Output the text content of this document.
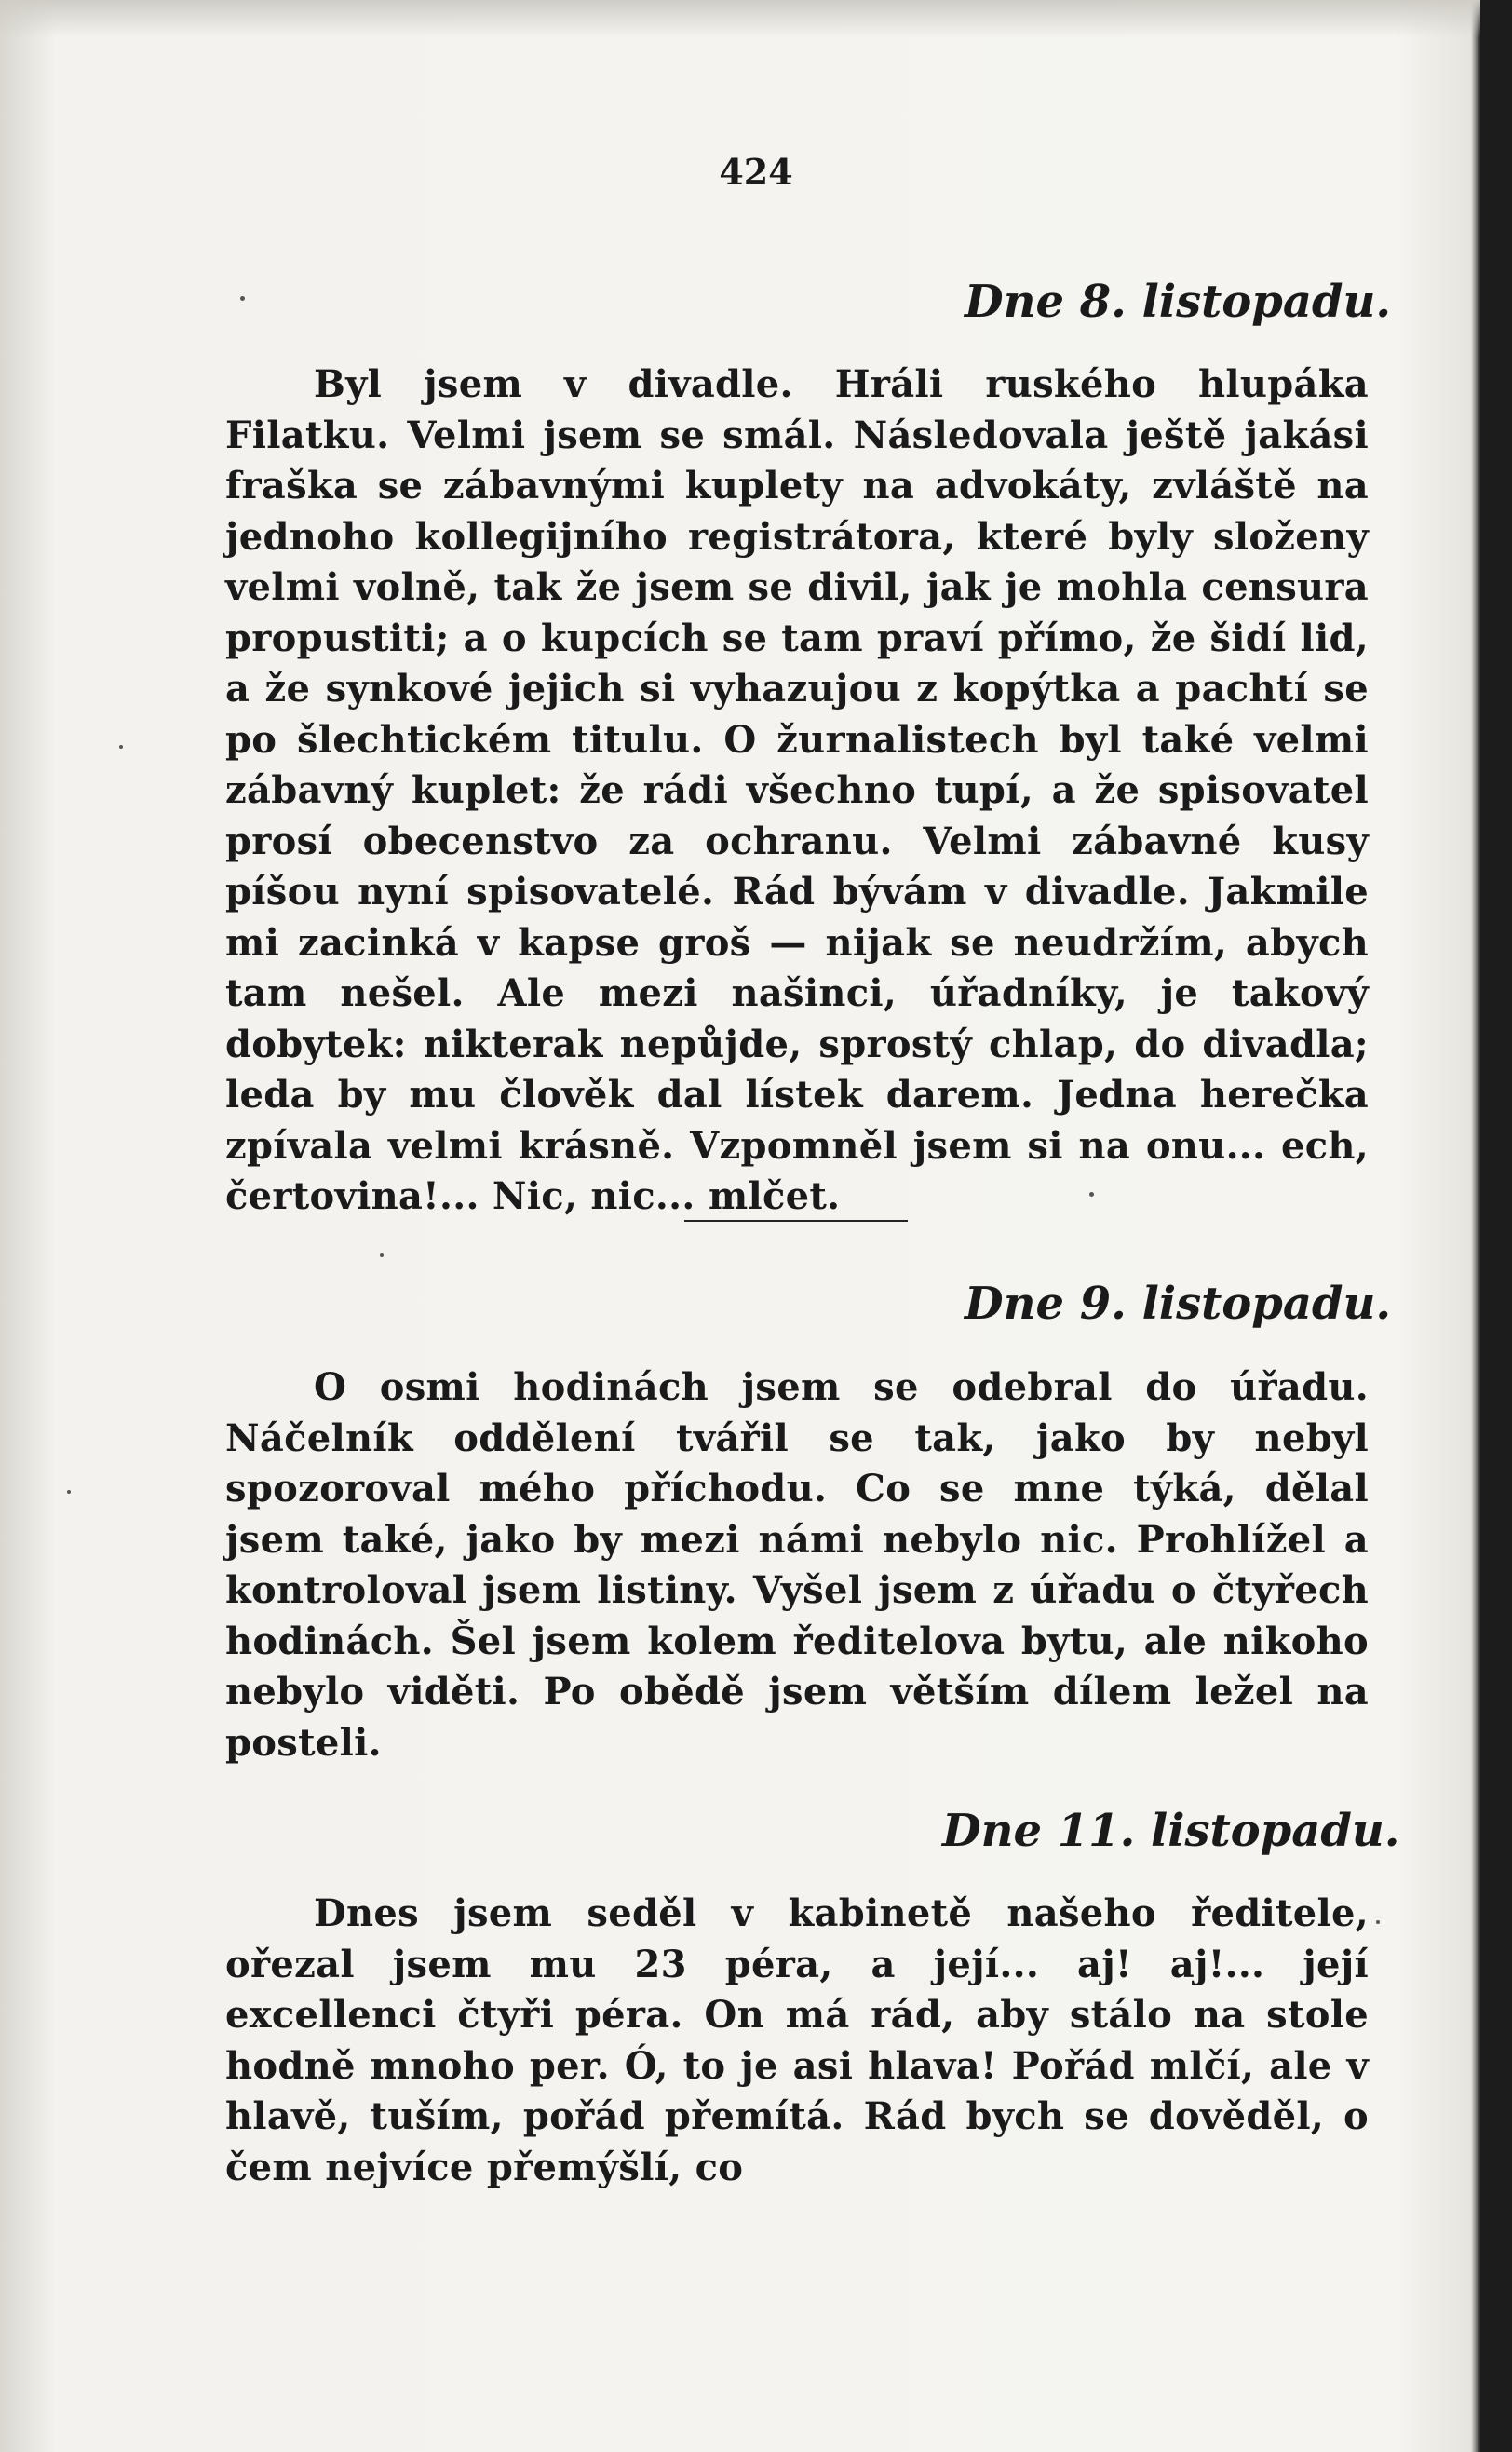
424
Dne 8. listopadu.

Byl jsem v divadle. Hráli ruského hlupáka Filatku. Velmi jsem se smál. Následovala ještě jakási fraška se zábavnými kuplety na advokáty, zvláště na jednoho kollegijního registrátora, které byly složeny velmi volně, tak že jsem se divil, jak je mohla censura propustiti; a o kupcích se tam praví přímo, že šidí lid, a že synkové jejich si vyhazujou z kopýtka a pachtí se po šlechtickém titulu. O žurnalistech byl také velmi zábavný kuplet: že rádi všechno tupí, a že spisovatel prosí obecenstvo za ochranu. Velmi zábavné kusy píšou nyní spisovatelé. Rád bývám v divadle. Jakmile mi zacinká v kapse groš — nijak se neudržím, abych tam nešel. Ale mezi našinci, úřadníky, je takový dobytek: nikterak nepůjde, sprostý chlap, do divadla; leda by mu člověk dal lístek darem. Jedna herečka zpívala velmi krásně. Vzpomněl jsem si na onu... ech, čertovina!... Nic, nic... mlčet.

Dne 9. listopadu.

O osmi hodinách jsem se odebral do úřadu. Náčelník oddělení tvářil se tak, jako by nebyl spozoroval mého příchodu. Co se mne týká, dělal jsem také, jako by mezi námi nebylo nic. Prohlížel a kontroloval jsem listiny. Vyšel jsem z úřadu o čtyřech hodinách. Šel jsem kolem ředitelova bytu, ale nikoho nebylo viděti. Po obědě jsem větším dílem ležel na posteli.

Dne 11. listopadu.

Dnes jsem seděl v kabinetě našeho ředitele, ořezal jsem mu 23 péra, a její... aj! aj!... její excellenci čtyři péra. On má rád, aby stálo na stole hodně mnoho per. Ó, to je asi hlava! Pořád mlčí, ale v hlavě, tuším, pořád přemítá. Rád bych se dověděl, o čem nejvíce přemýšlí, co
